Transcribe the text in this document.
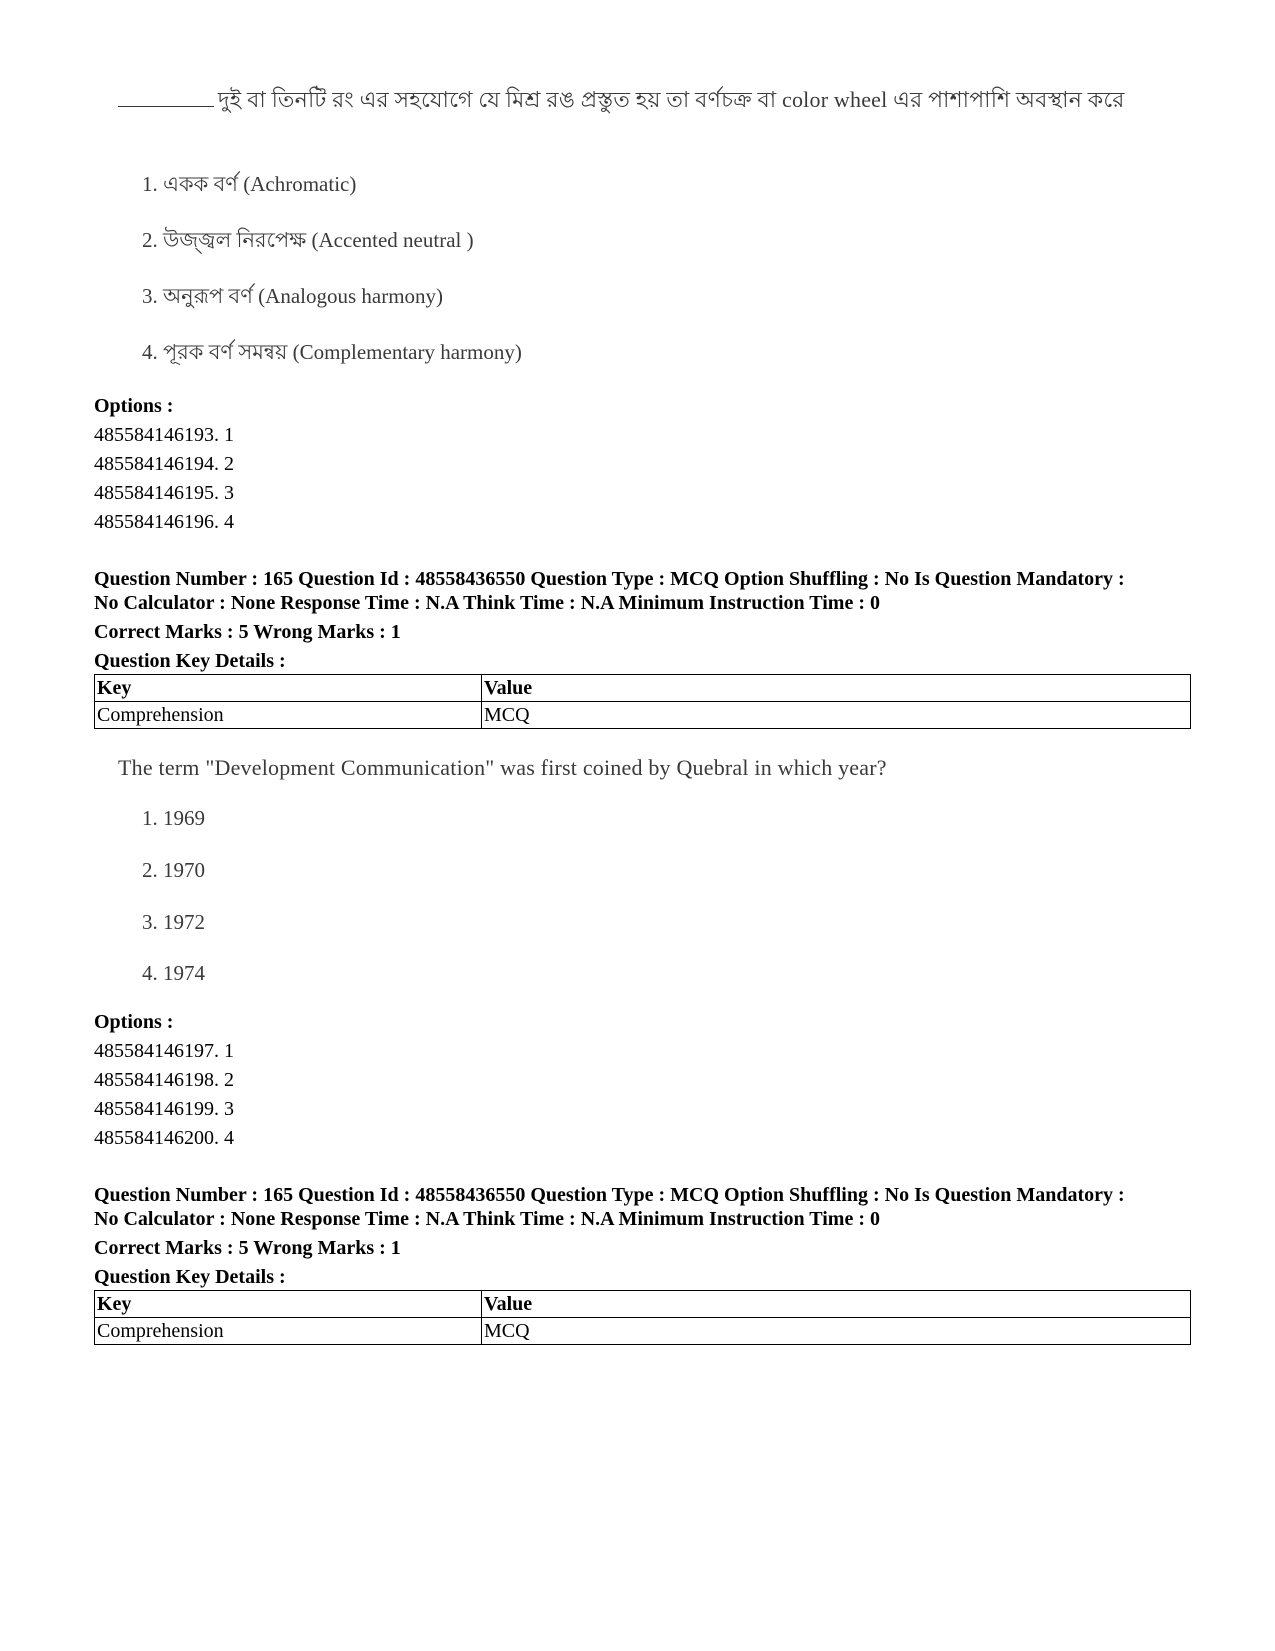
দুই বা তিনটি রং এর সহযোগে যে মিশ্র রঙ প্রস্তুত হয় তা বর্ণচক্র বা color wheel এর পাশাপাশি অবস্থান করে
1. একক বর্ণ (Achromatic)
2. উজ্জ্বল নিরপেক্ষ (Accented neutral )
3. অনুরূপ বর্ণ (Analogous harmony)
4. পূরক বর্ণ সমন্বয় (Complementary harmony)
Options :
485584146193. 1
485584146194. 2
485584146195. 3
485584146196. 4
Question Number : 165 Question Id : 48558436550 Question Type : MCQ Option Shuffling : No Is Question Mandatory :
No Calculator : None Response Time : N.A Think Time : N.A Minimum Instruction Time : 0
Correct Marks : 5 Wrong Marks : 1
Question Key Details :
Key	Value
Comprehension	MCQ
The term "Development Communication" was first coined by Quebral in which year?
1. 1969
2. 1970
3. 1972
4. 1974
Options :
485584146197. 1
485584146198. 2
485584146199. 3
485584146200. 4
Question Number : 165 Question Id : 48558436550 Question Type : MCQ Option Shuffling : No Is Question Mandatory :
No Calculator : None Response Time : N.A Think Time : N.A Minimum Instruction Time : 0
Correct Marks : 5 Wrong Marks : 1
Question Key Details :
Key	Value
Comprehension	MCQ
